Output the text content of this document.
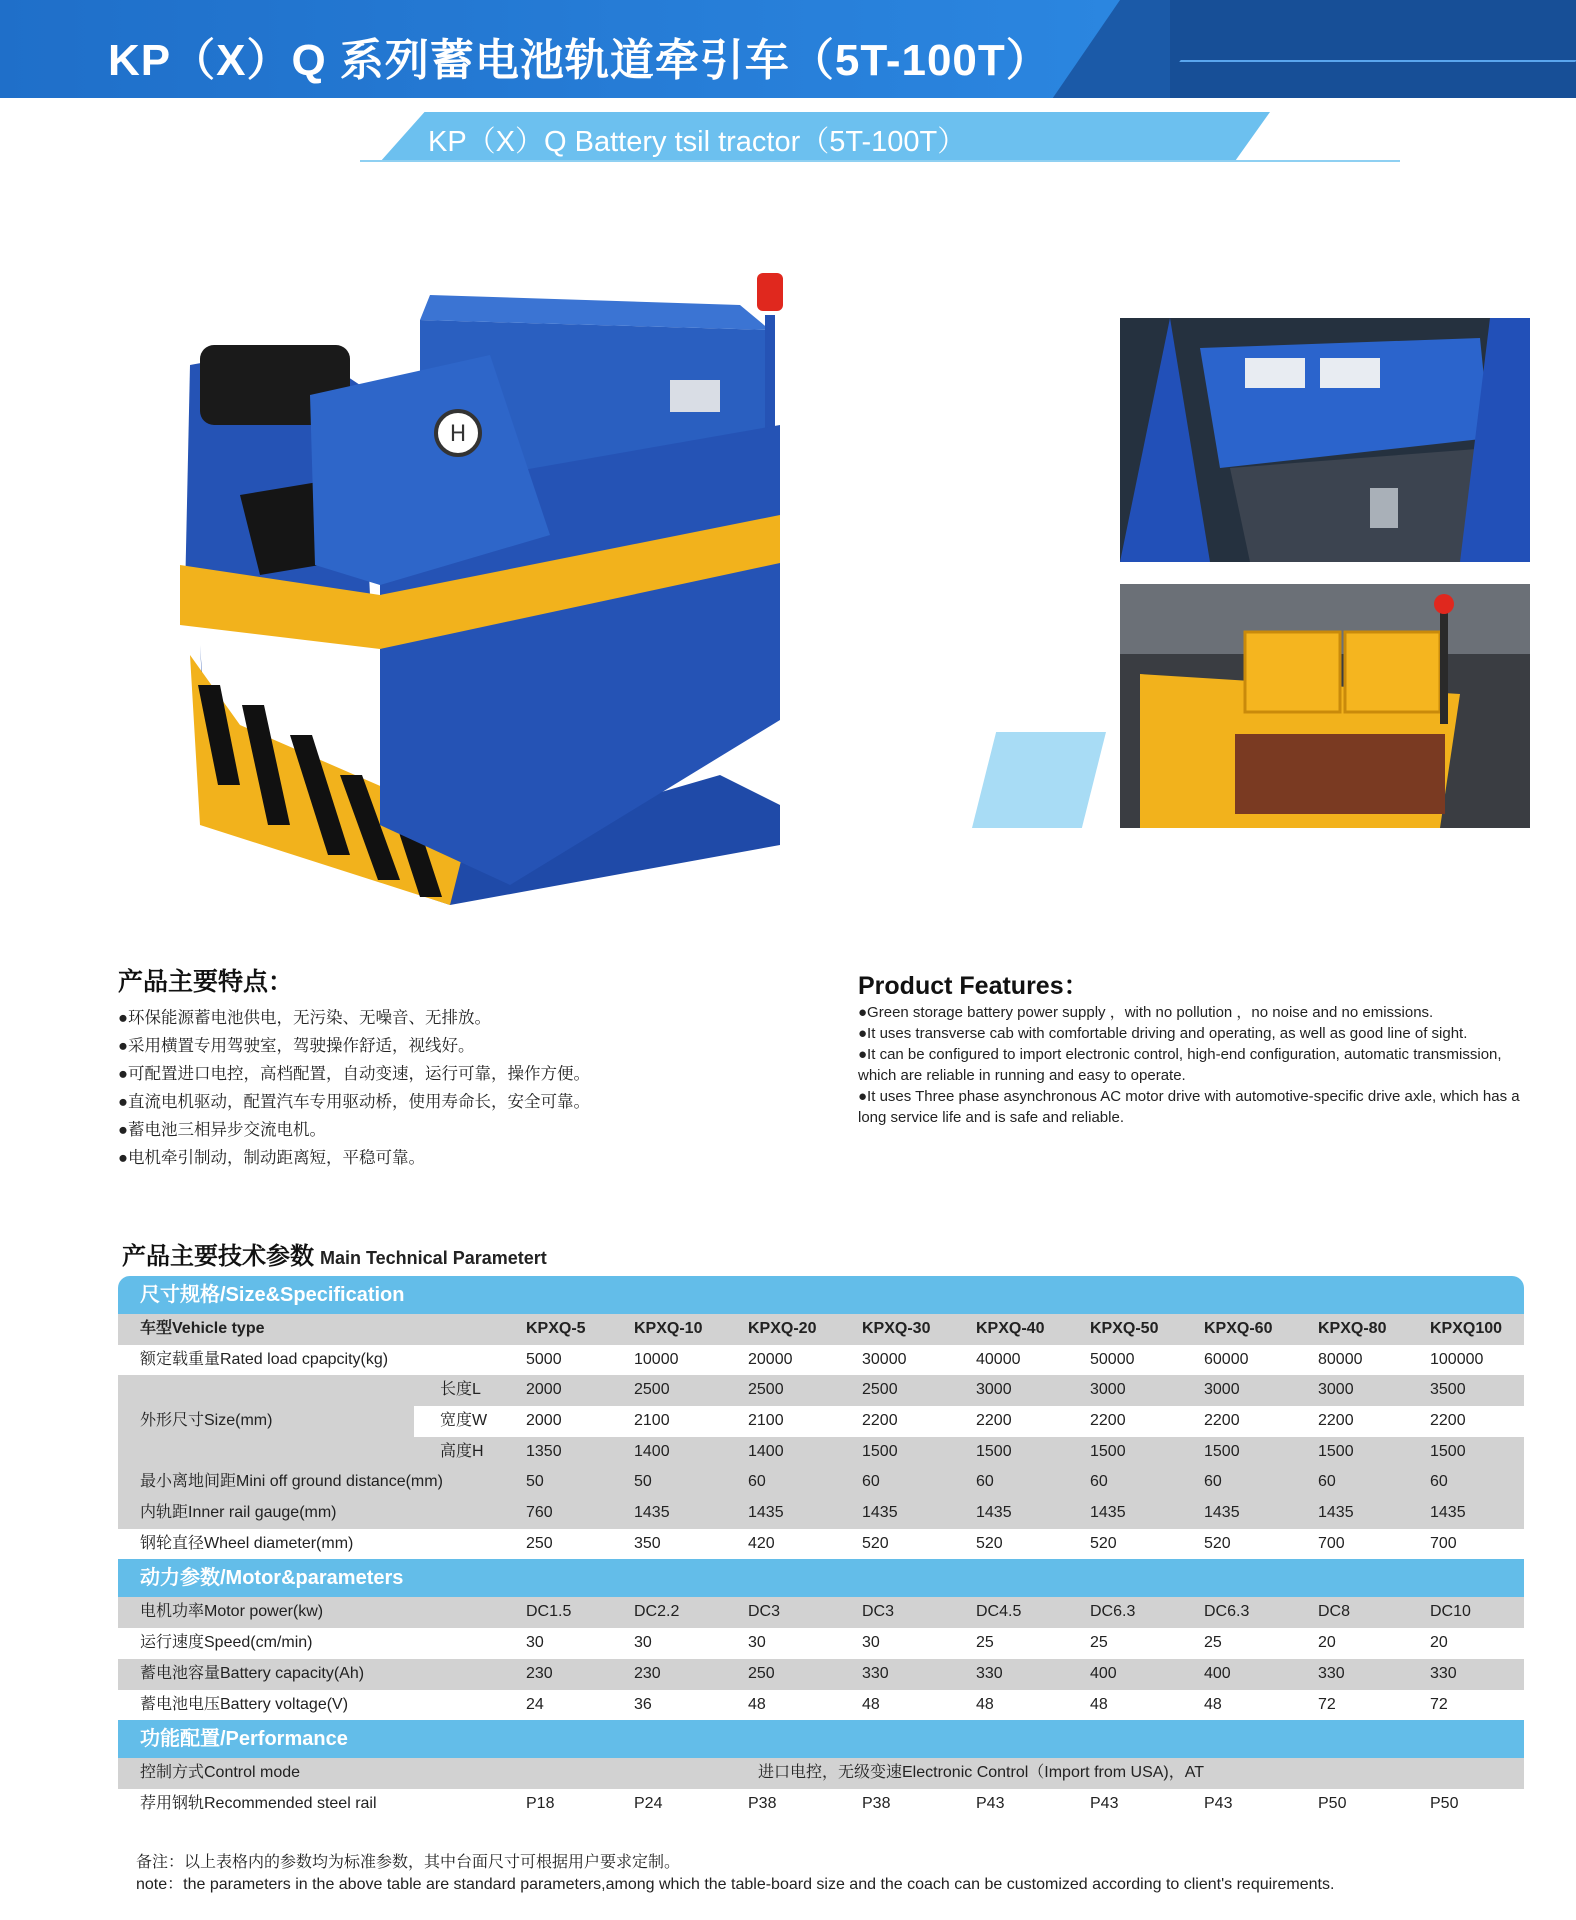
KP（X）Q 系列蓄电池轨道牵引车（5T-100T）
KP（X）Q Battery tsil tractor（5T-100T）
H
产品主要特点：
●环保能源蓄电池供电，无污染、无噪音、无排放。
●采用横置专用驾驶室，驾驶操作舒适，视线好。
●可配置进口电控，高档配置，自动变速，运行可靠，操作方便。
●直流电机驱动，配置汽车专用驱动桥，使用寿命长，安全可靠。
●蓄电池三相异步交流电机。
●电机牵引制动，制动距离短，平稳可靠。
Product Features：
●Green storage battery power supply ，with no pollution ，no noise and no emissions.
●It uses transverse cab with comfortable driving and operating, as well as good line of sight.
●It can be configured to import electronic control, high-end configuration, automatic transmission, which are reliable in running and easy to operate.
●It uses Three phase asynchronous AC motor drive with automotive-specific drive axle, which has a long service life and is safe and reliable.
产品主要技术参数 Main Technical Parametert
尺寸规格/Size&Specification
车型Vehicle type	KPXQ-5	KPXQ-10	KPXQ-20	KPXQ-30	KPXQ-40	KPXQ-50	KPXQ-60	KPXQ-80	KPXQ100
额定载重量Rated load cpapcity(kg)	5000	10000	20000	30000	40000	50000	60000	80000	100000
外形尺寸Size(mm)
长度L	2000	2500	2500	2500	3000	3000	3000	3000	3500
宽度W 2000	2100	2100	2200	2200	2200	2200	2200	2200
高度H	1350	1400	1400	1500	1500	1500	1500	1500	1500
最小离地间距Mini off ground distance(mm)	50	50	60	60	60	60	60	60	60
内轨距Inner rail gauge(mm)	760	1435	1435	1435	1435	1435	1435	1435	1435
钢轮直径Wheel diameter(mm)	250	350	420	520	520	520	520	700	700
动力参数/Motor&parameters
电机功率Motor power(kw)	DC1.5	DC2.2	DC3	DC3	DC4.5	DC6.3	DC6.3	DC8	DC10
运行速度Speed(cm/min)	30	30	30	30	25	25	25	20	20
蓄电池容量Battery capacity(Ah)	230	230	250	330	330	400	400	330	330
蓄电池电压Battery voltage(V)	24	36	48	48	48	48	48	72	72
功能配置/Performance
控制方式Control mode	进口电控，无级变速Electronic Control（Import from USA)，AT
荐用钢轨Recommended steel rail	P18	P24	P38	P38	P43	P43	P43	P50	P50
备注：以上表格内的参数均为标准参数，其中台面尺寸可根据用户要求定制。
note：the parameters in the above table are standard parameters,among which the table-board size and the coach can be customized according to client's requirements.
